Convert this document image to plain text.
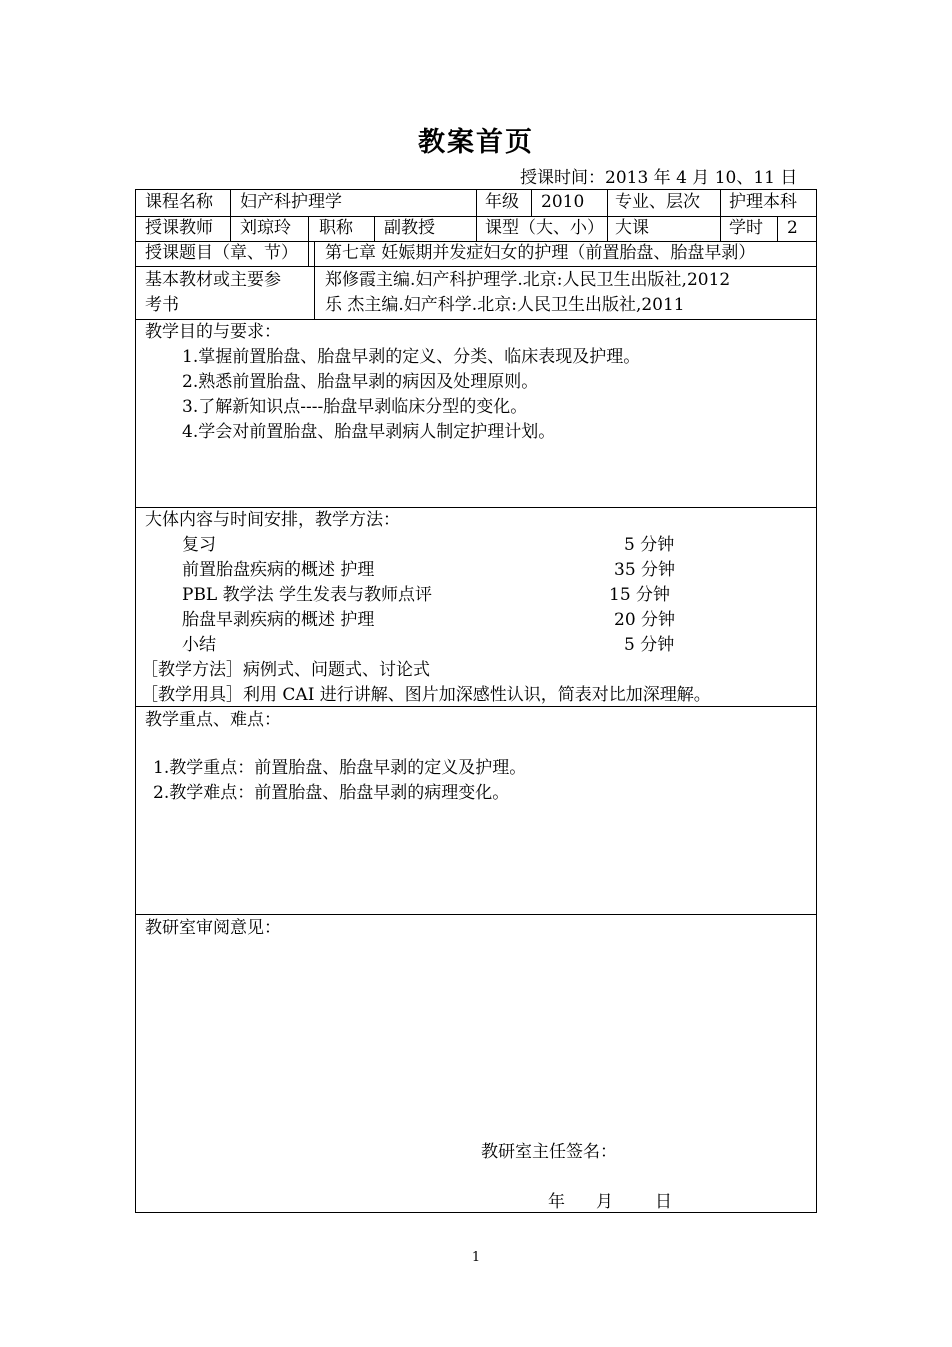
教案首页
授课时间：2013 年 4 月 10、11 日
课程名称 妇产科护理学	年级 2010 专业、层次 护理本科
授课教师 刘琼玲 职称 副教授	课型（大、小） 大课	学时 2
授课题目（章、节） 第七章 妊娠期并发症妇女的护理（前置胎盘、胎盘早剥）
基本教材或主要参
考书
郑修霞主编.妇产科护理学.北京:人民卫生出版社,2012
乐 杰主编.妇产科学.北京:人民卫生出版社,2011
教学目的与要求：
1.掌握前置胎盘、胎盘早剥的定义、分类、临床表现及护理。
2.熟悉前置胎盘、胎盘早剥的病因及处理原则。
3.了解新知识点----胎盘早剥临床分型的变化。
4.学会对前置胎盘、胎盘早剥病人制定护理计划。
大体内容与时间安排，教学方法：
复习	5 分钟
前置胎盘疾病的概述 护理	35 分钟
PBL 教学法 学生发表与教师点评	15 分钟
胎盘早剥疾病的概述 护理	20 分钟
小结	5 分钟
［教学方法］病例式、问题式、讨论式
［教学用具］利用 CAI 进行讲解、图片加深感性认识，简表对比加深理解。
教学重点、难点：
1.教学重点：前置胎盘、胎盘早剥的定义及护理。
2.教学难点：前置胎盘、胎盘早剥的病理变化。
教研室审阅意见：
教研室主任签名：
年 月 日
1
